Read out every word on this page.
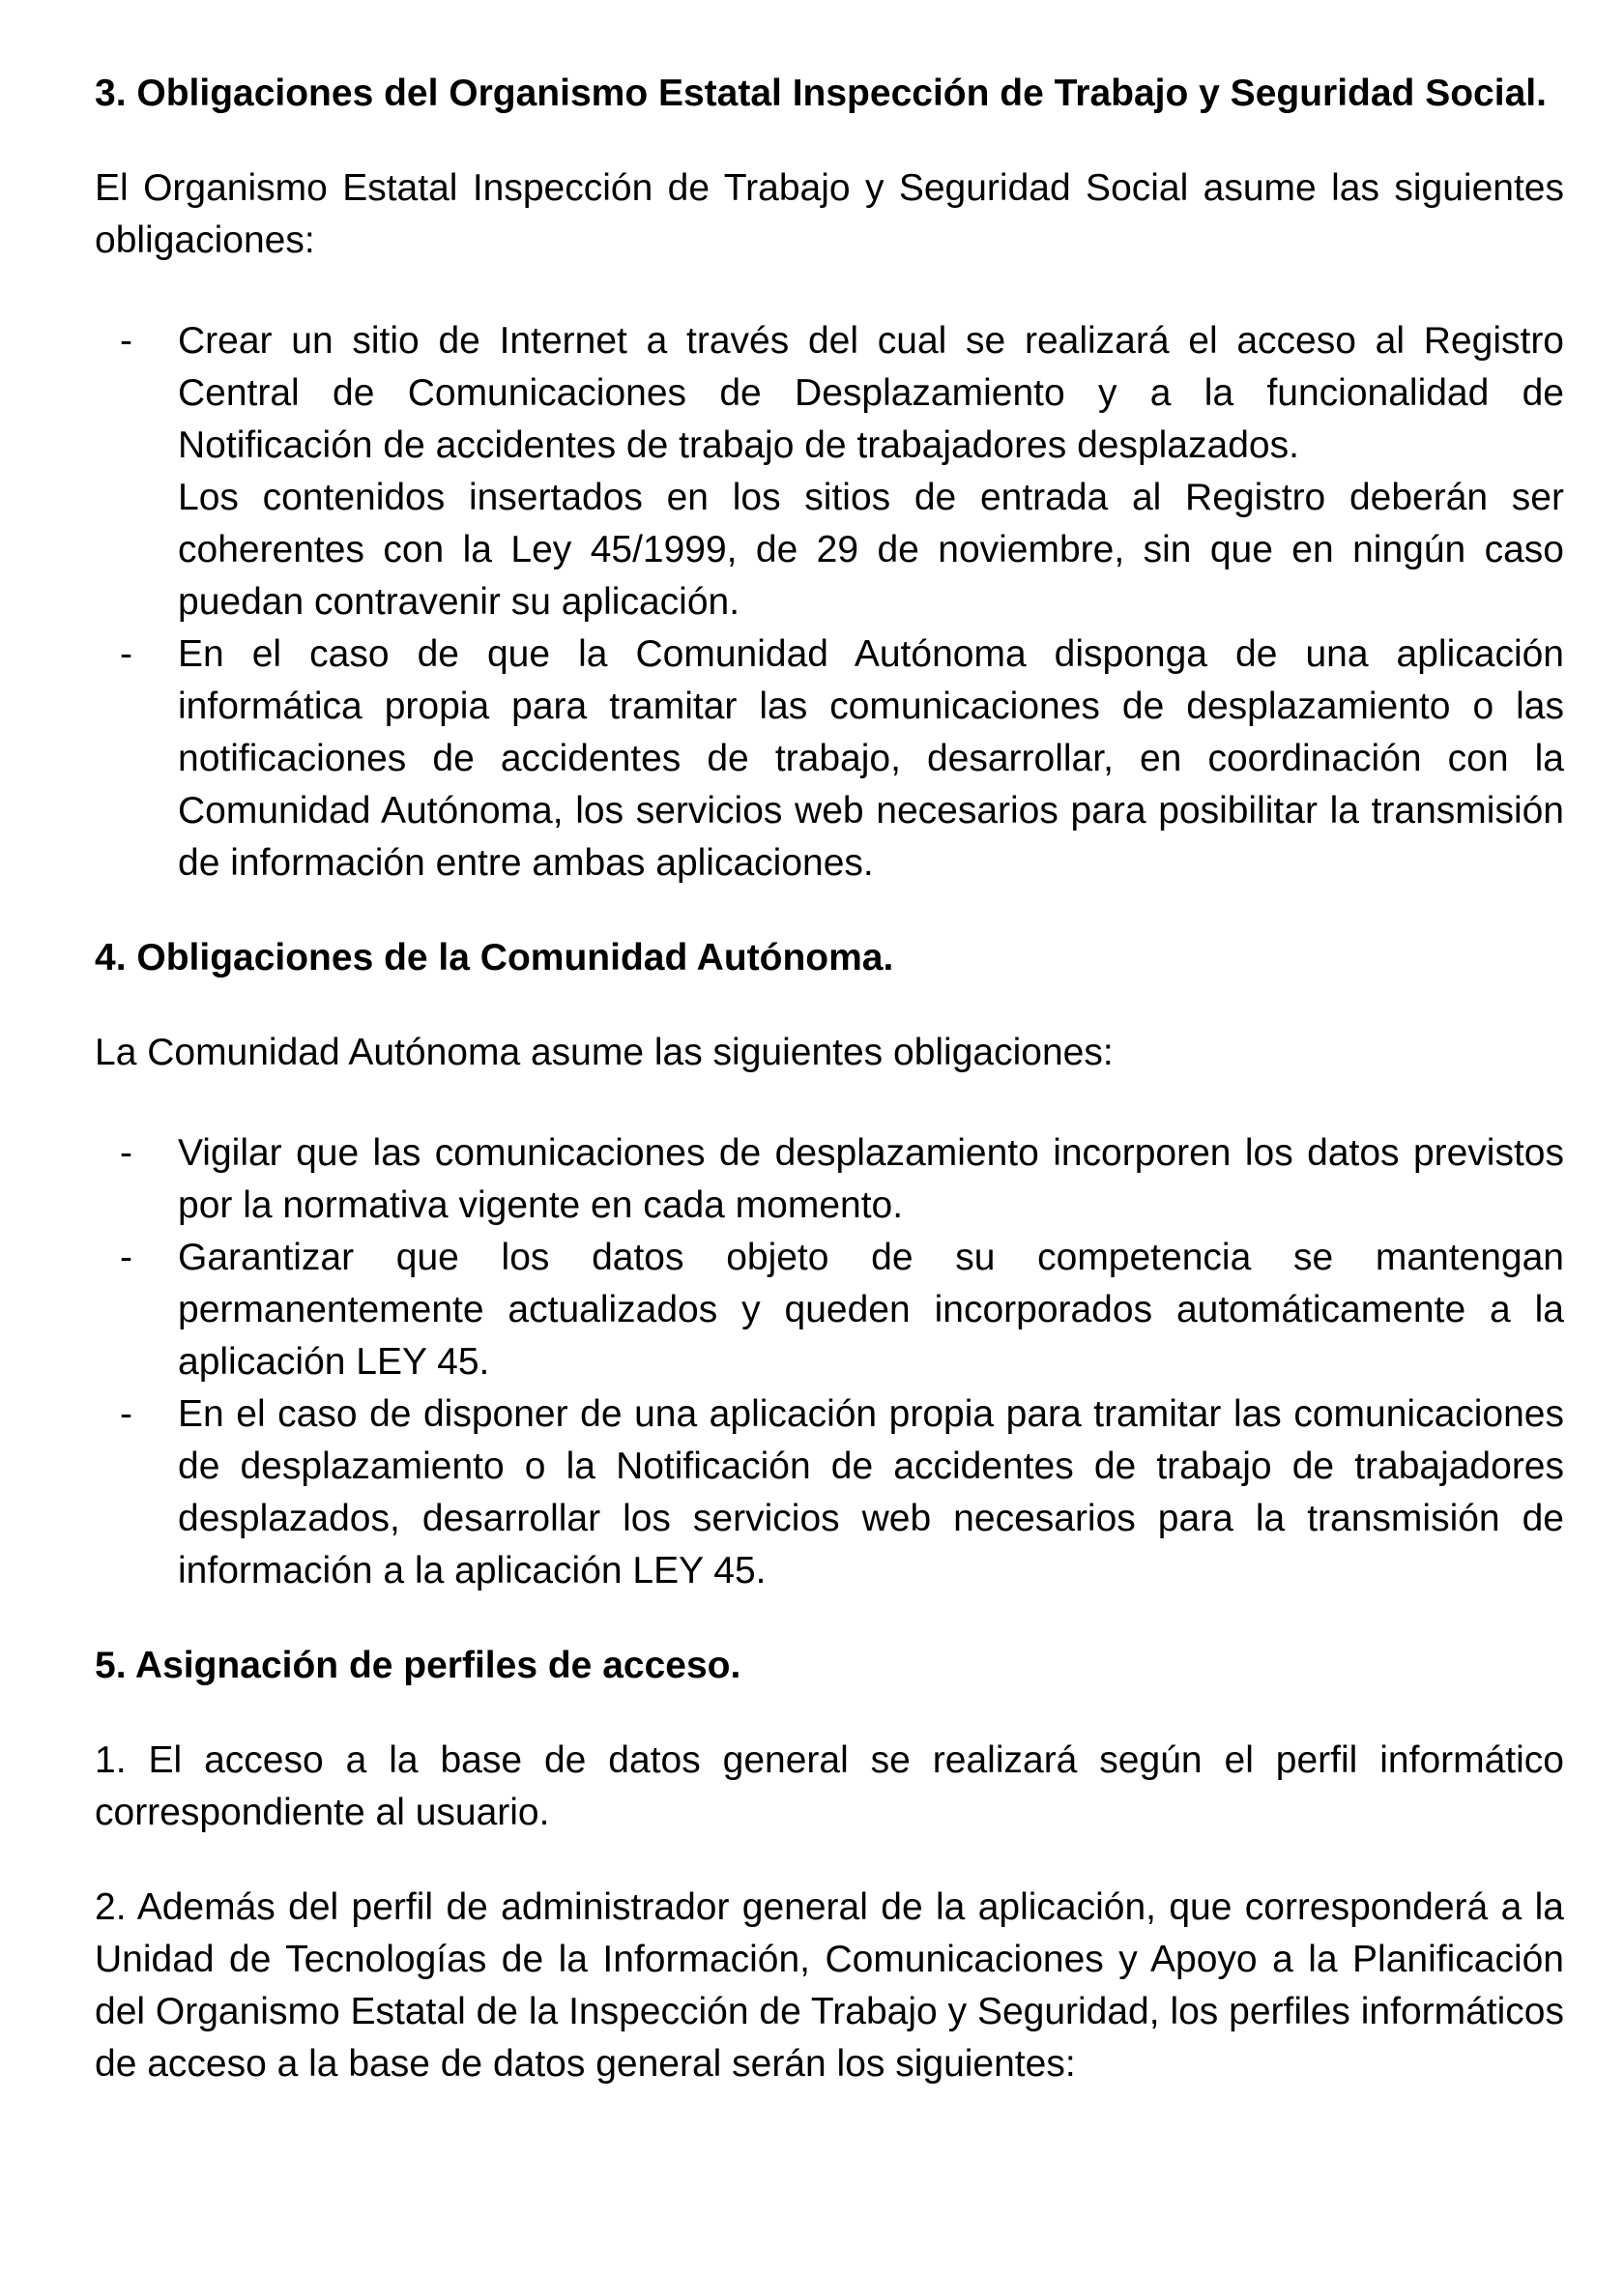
3. Obligaciones del Organismo Estatal Inspección de Trabajo y Seguridad Social.

El Organismo Estatal Inspección de Trabajo y Seguridad Social asume las siguientes obligaciones:

- Crear un sitio de Internet a través del cual se realizará el acceso al Registro Central de Comunicaciones de Desplazamiento y a la funcionalidad de Notificación de accidentes de trabajo de trabajadores desplazados.

Los contenidos insertados en los sitios de entrada al Registro deberán ser coherentes con la Ley 45/1999, de 29 de noviembre, sin que en ningún caso puedan contravenir su aplicación.

- En el caso de que la Comunidad Autónoma disponga de una aplicación informática propia para tramitar las comunicaciones de desplazamiento o las notificaciones de accidentes de trabajo, desarrollar, en coordinación con la Comunidad Autónoma, los servicios web necesarios para posibilitar la transmisión de información entre ambas aplicaciones.

4. Obligaciones de la Comunidad Autónoma.

La Comunidad Autónoma asume las siguientes obligaciones:

- Vigilar que las comunicaciones de desplazamiento incorporen los datos previstos por la normativa vigente en cada momento.

- Garantizar que los datos objeto de su competencia se mantengan permanentemente actualizados y queden incorporados automáticamente a la aplicación LEY 45.

- En el caso de disponer de una aplicación propia para tramitar las comunicaciones de desplazamiento o la Notificación de accidentes de trabajo de trabajadores desplazados, desarrollar los servicios web necesarios para la transmisión de información a la aplicación LEY 45.

5. Asignación de perfiles de acceso.

1. El acceso a la base de datos general se realizará según el perfil informático correspondiente al usuario.

2. Además del perfil de administrador general de la aplicación, que corresponderá a la Unidad de Tecnologías de la Información, Comunicaciones y Apoyo a la Planificación del Organismo Estatal de la Inspección de Trabajo y Seguridad, los perfiles informáticos de acceso a la base de datos general serán los siguientes:
